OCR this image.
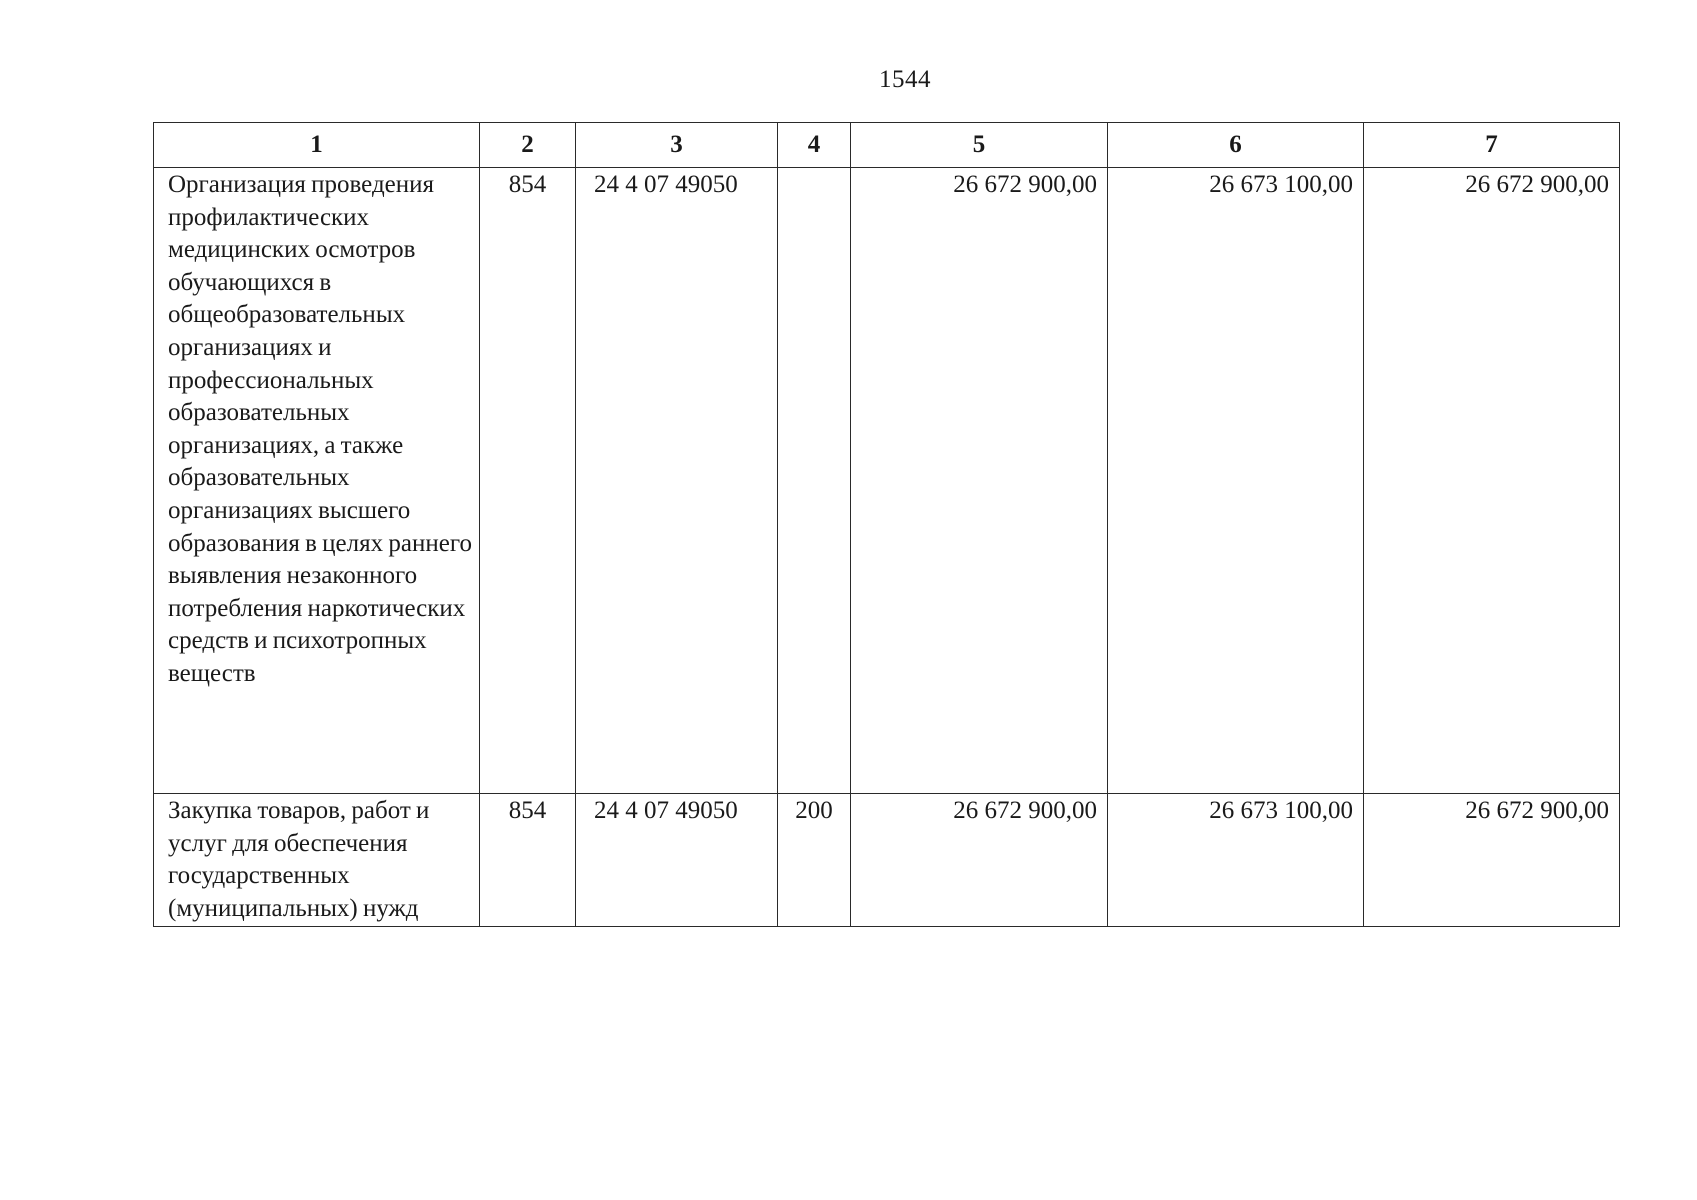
1544
1	2	3	4	5	6	7
Организация проведения профилактических медицинских осмотров обучающихся в общеобразовательных организациях и профессиональных образовательных организациях, а также образовательных организациях высшего образования в целях раннего выявления незаконного потребления наркотических средств и психотропных веществ	854	24 4 07 49050		26 672 900,00	26 673 100,00	26 672 900,00
Закупка товаров, работ и услуг для обеспечения государственных (муниципальных) нужд	854	24 4 07 49050	200	26 672 900,00	26 673 100,00	26 672 900,00
